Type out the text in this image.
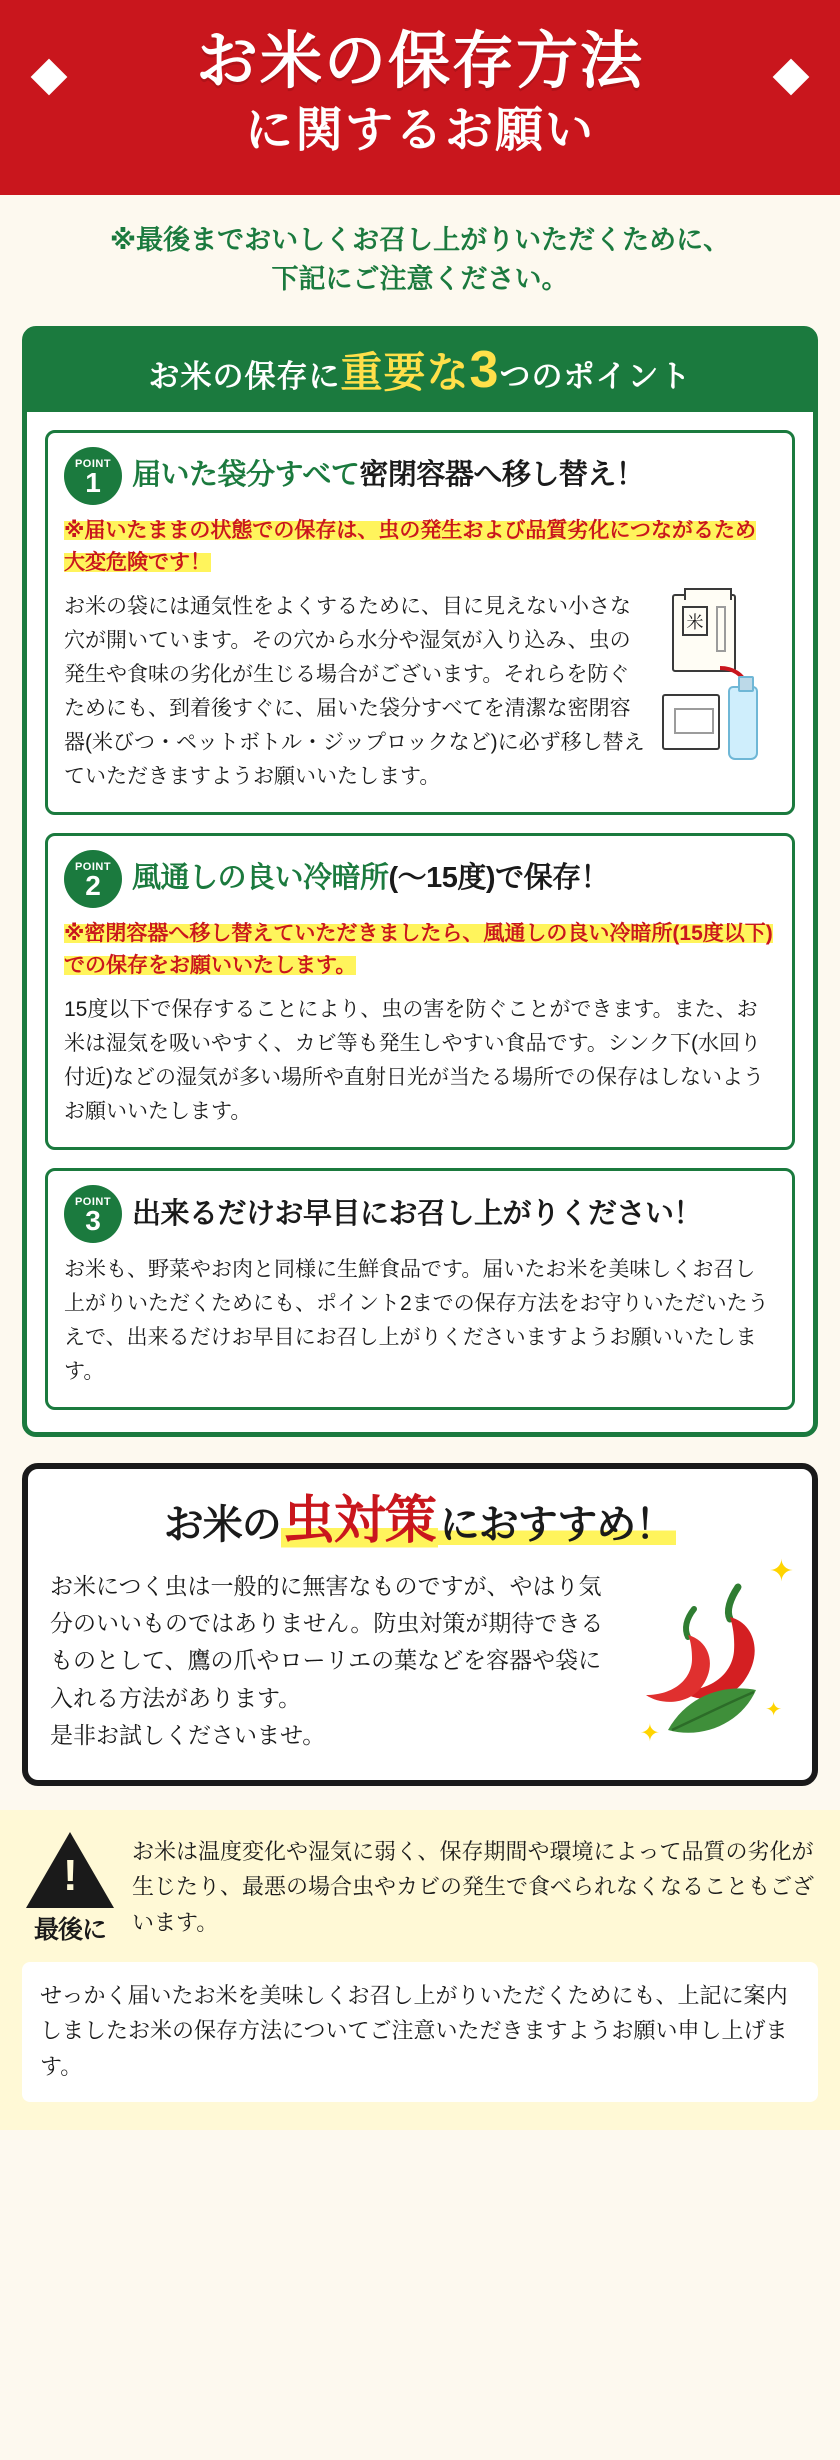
お米の保存方法
に関するお願い

※最後までおいしくお召し上がりいただくために、

下記にご注意ください。

お米の保存に重要な3つのポイント
POINT
1 届いた袋分すべて密閉容器へ移し替え！
※届いたままの状態での保存は、虫の発生および品質劣化につながるため大変危険です！
お米の袋には通気性をよくするために、目に見えない小さな穴が開いています。その穴から水分や湿気が入り込み、虫の発生や食味の劣化が生じる場合がございます。それらを防ぐためにも、到着後すぐに、届いた袋分すべてを清潔な密閉容器(米びつ・ペットボトル・ジップロックなど)に必ず移し替えていただきますようお願いいたします。
米
POINT
2 風通しの良い冷暗所(〜15度)で保存！
※密閉容器へ移し替えていただきましたら、風通しの良い冷暗所(15度以下)での保存をお願いいたします。
15度以下で保存することにより、虫の害を防ぐことができます。また、お米は湿気を吸いやすく、カビ等も発生しやすい食品です。シンク下(水回り付近)などの湿気が多い場所や直射日光が当たる場所での保存はしないようお願いいたします。
POINT
3 出来るだけお早目にお召し上がりください！
お米も、野菜やお肉と同様に生鮮食品です。届いたお米を美味しくお召し上がりいただくためにも、ポイント2までの保存方法をお守りいただいたうえで、出来るだけお早目にお召し上がりくださいますようお願いいたします。
お米の虫対策 におすすめ！
お米につく虫は一般的に無害なものですが、やはり気分のいいものではありません。防虫対策が期待できるものとして、鷹の爪やローリエの葉などを容器や袋に入れる方法があります。
是非お試しくださいませ。
✦
✦
✦
!
最後に
お米は温度変化や湿気に弱く、保存期間や環境によって品質の劣化が生じたり、最悪の場合虫やカビの発生で食べられなくなることもございます。
せっかく届いたお米を美味しくお召し上がりいただくためにも、上記に案内しましたお米の保存方法についてご注意いただきますようお願い申し上げます。
